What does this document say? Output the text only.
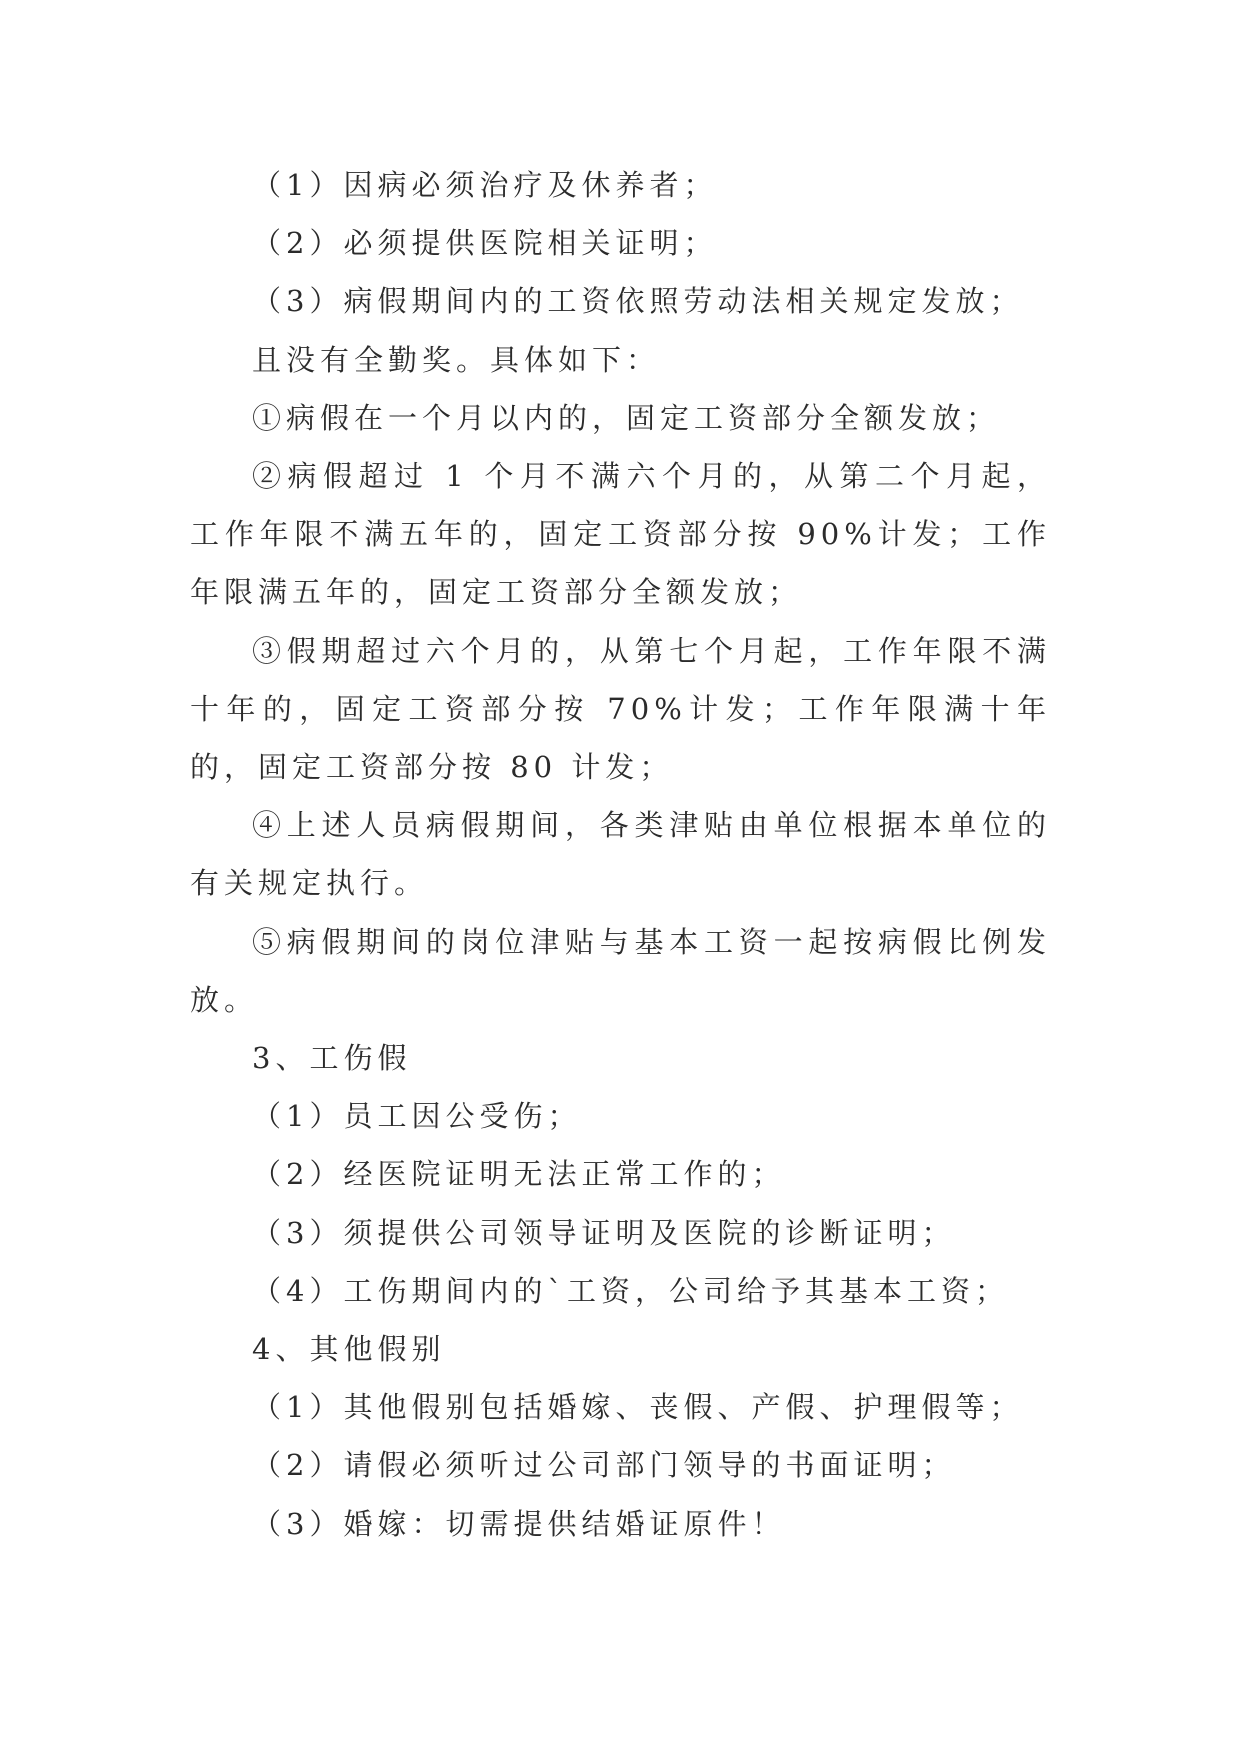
（1）因病必须治疗及休养者；

（2）必须提供医院相关证明；

（3）病假期间内的工资依照劳动法相关规定发放；

且没有全勤奖。具体如下：

①病假在一个月以内的，固定工资部分全额发放；

②病假超过 1 个月不满六个月的，从第二个月起，工作年限不满五年的，固定工资部分按 90%计发；工作年限满五年的，固定工资部分全额发放；

③假期超过六个月的，从第七个月起，工作年限不满十年的，固定工资部分按 70%计发；工作年限满十年的，固定工资部分按 80 计发；

④上述人员病假期间，各类津贴由单位根据本单位的有关规定执行。

⑤病假期间的岗位津贴与基本工资一起按病假比例发放。

3、工伤假

（1）员工因公受伤；

（2）经医院证明无法正常工作的；

（3）须提供公司领导证明及医院的诊断证明；

（4）工伤期间内的`工资，公司给予其基本工资；

4、其他假别

（1）其他假别包括婚嫁、丧假、产假、护理假等；

（2）请假必须听过公司部门领导的书面证明；

（3）婚嫁：切需提供结婚证原件！
